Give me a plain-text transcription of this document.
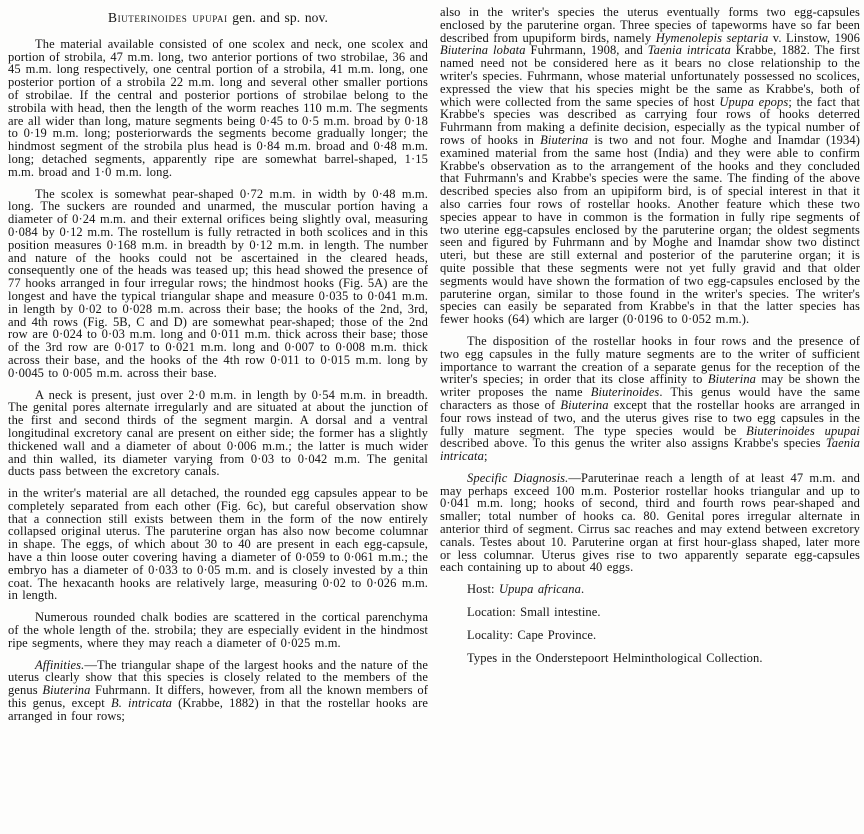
Biuterinoides upupai gen. and sp. nov.

The material available consisted of one scolex and neck, one scolex and portion of strobila, 47 m.m. long, two anterior portions of two strobilae, 36 and 45 m.m. long respectively, one central portion of a strobila, 41 m.m. long, one posterior portion of a strobila 22 m.m. long and several other smaller portions of strobilae. If the central and posterior portions of strobilae belong to the strobila with head, then the length of the worm reaches 110 m.m. The segments are all wider than long, mature segments being 0·45 to 0·5 m.m. broad by 0·18 to 0·19 m.m. long; posteriorwards the segments become gradually longer; the hindmost segment of the strobila plus head is 0·84 m.m. broad and 0·48 m.m. long; detached segments, apparently ripe are somewhat barrel-shaped, 1·15 m.m. broad and 1·0 m.m. long.

The scolex is somewhat pear-shaped 0·72 m.m. in width by 0·48 m.m. long. The suckers are rounded and unarmed, the muscular portion having a diameter of 0·24 m.m. and their external orifices being slightly oval, measuring 0·084 by 0·12 m.m. The rostellum is fully retracted in both scolices and in this position measures 0·168 m.m. in breadth by 0·12 m.m. in length. The number and nature of the hooks could not be ascertained in the cleared heads, consequently one of the heads was teased up; this head showed the presence of 77 hooks arranged in four irregular rows; the hindmost hooks (Fig. 5A) are the longest and have the typical triangular shape and measure 0·035 to 0·041 m.m. in length by 0·02 to 0·028 m.m. across their base; the hooks of the 2nd, 3rd, and 4th rows (Fig. 5B, C and D) are somewhat pear-shaped; those of the 2nd row are 0·024 to 0·03 m.m. long and 0·011 m.m. thick across their base; those of the 3rd row are 0·017 to 0·021 m.m. long and 0·007 to 0·008 m.m. thick across their base, and the hooks of the 4th row 0·011 to 0·015 m.m. long by 0·0045 to 0·005 m.m. across their base.

A neck is present, just over 2·0 m.m. in length by 0·54 m.m. in breadth. The genital pores alternate irregularly and are situated at about the junction of the first and second thirds of the segment margin. A dorsal and a ventral longitudinal excretory canal are present on either side; the former has a slightly thickened wall and a diameter of about 0·006 m.m.; the latter is much wider and thin walled, its diameter varying from 0·03 to 0·042 m.m. The genital ducts pass between the excretory canals.

in the writer's material are all detached, the rounded egg capsules appear to be completely separated from each other (Fig. 6c), but careful observation show that a connection still exists between them in the form of the now entirely collapsed original uterus. The paruterine organ has also now become columnar in shape. The eggs, of which about 30 to 40 are present in each egg-capsule, have a thin loose outer covering having a diameter of 0·059 to 0·061 m.m.; the embryo has a diameter of 0·033 to 0·05 m.m. and is closely invested by a thin coat. The hexacanth hooks are relatively large, measuring 0·02 to 0·026 m.m. in length.

Numerous rounded chalk bodies are scattered in the cortical parenchyma of the whole length of the. strobila; they are especially evident in the hindmost ripe segments, where they may reach a diameter of 0·025 m.m.

Affinities.—The triangular shape of the largest hooks and the nature of the uterus clearly show that this species is closely related to the members of the genus Biuterina Fuhrmann. It differs, however, from all the known members of this genus, except B. intricata (Krabbe, 1882) in that the rostellar hooks are arranged in four rows;

also in the writer's species the uterus eventually forms two egg-capsules enclosed by the paruterine organ. Three species of tapeworms have so far been described from upupiform birds, namely Hymenolepis septaria v. Linstow, 1906 Biuterina lobata Fuhrmann, 1908, and Taenia intricata Krabbe, 1882. The first named need not be considered here as it bears no close relationship to the writer's species. Fuhrmann, whose material unfortunately possessed no scolices, expressed the view that his species might be the same as Krabbe's, both of which were collected from the same species of host Upupa epops; the fact that Krabbe's species was described as carrying four rows of hooks deterred Fuhrmann from making a definite decision, especially as the typical number of rows of hooks in Biuterina is two and not four. Moghe and Inamdar (1934) examined material from the same host (India) and they were able to confirm Krabbe's observation as to the arrangement of the hooks and they concluded that Fuhrmann's and Krabbe's species were the same. The finding of the above described species also from an upipiform bird, is of special interest in that it also carries four rows of rostellar hooks. Another feature which these two species appear to have in common is the formation in fully ripe segments of two uterine egg-capsules enclosed by the paruterine organ; the oldest segments seen and figured by Fuhrmann and by Moghe and Inamdar show two distinct uteri, but these are still external and posterior of the paruterine organ; it is quite possible that these segments were not yet fully gravid and that older segments would have shown the formation of two egg-capsules enclosed by the paruterine organ, similar to those found in the writer's species. The writer's species can easily be separated from Krabbe's in that the latter species has fewer hooks (64) which are larger (0·0196 to 0·052 m.m.).

The disposition of the rostellar hooks in four rows and the presence of two egg capsules in the fully mature segments are to the writer of sufficient importance to warrant the creation of a separate genus for the reception of the writer's species; in order that its close affinity to Biuterina may be shown the writer proposes the name Biuterinoides. This genus would have the same characters as those of Biuterina except that the rostellar hooks are arranged in four rows instead of two, and the uterus gives rise to two egg capsules in the fully mature segment. The type species would be Biuterinoides upupai described above. To this genus the writer also assigns Krabbe's species Taenia intricata;

Specific Diagnosis.—Paruterinae reach a length of at least 47 m.m. and may perhaps exceed 100 m.m. Posterior rostellar hooks triangular and up to 0·041 m.m. long; hooks of second, third and fourth rows pear-shaped and smaller; total number of hooks ca. 80. Genital pores irregular alternate in anterior third of segment. Cirrus sac reaches and may extend between excretory canals. Testes about 10. Paruterine organ at first hour-glass shaped, later more or less columnar. Uterus gives rise to two apparently separate egg-capsules each containing up to about 40 eggs.

Host: Upupa africana.

Location: Small intestine.

Locality: Cape Province.

Types in the Onderstepoort Helminthological Collection.
